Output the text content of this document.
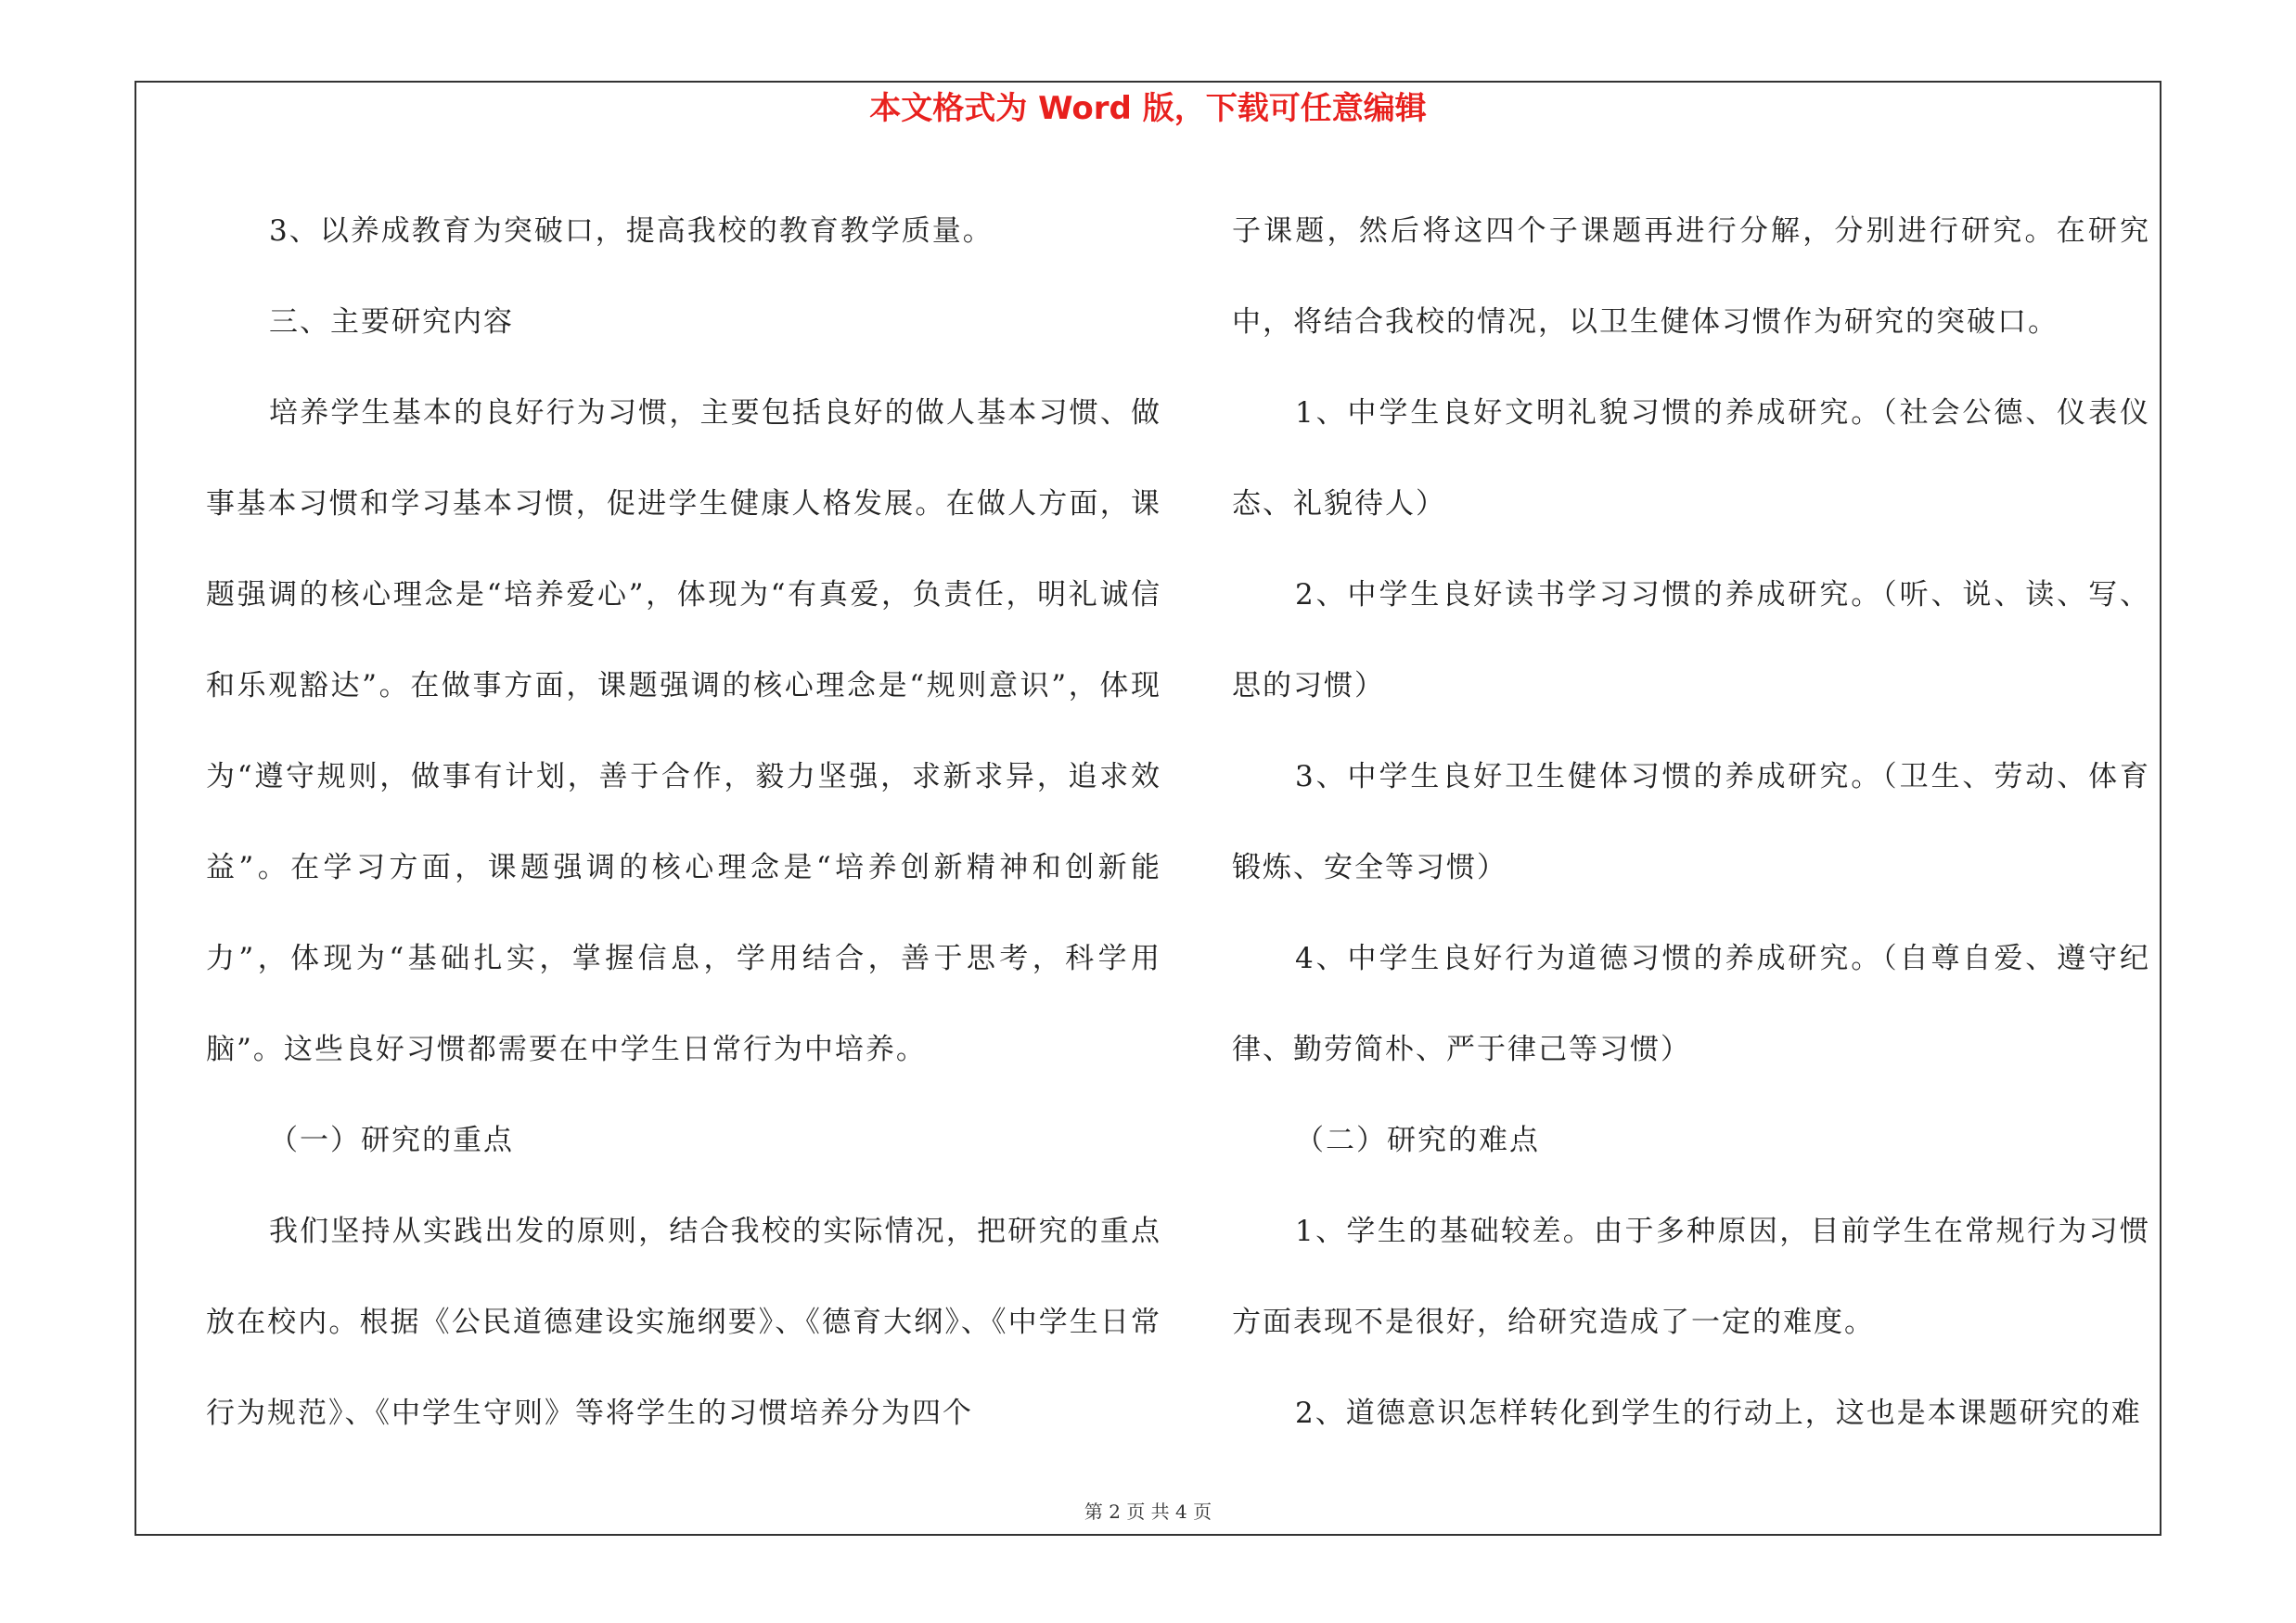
本文格式为 Word 版，下载可任意编辑

3、以养成教育为突破口，提高我校的教育教学质量。

三、主要研究内容

培养学生基本的良好行为习惯，主要包括良好的做人基本习惯、做事基本习惯和学习基本习惯，促进学生健康人格发展。在做人方面，课题强调的核心理念是“培养爱心”，体现为“有真爱，负责任，明礼诚信和乐观豁达”。在做事方面，课题强调的核心理念是“规则意识”，体现为“遵守规则，做事有计划，善于合作，毅力坚强，求新求异，追求效益”。在学习方面，课题强调的核心理念是“培养创新精神和创新能力”，体现为“基础扎实，掌握信息，学用结合，善于思考，科学用脑”。这些良好习惯都需要在中学生日常行为中培养。

（一）研究的重点

我们坚持从实践出发的原则，结合我校的实际情况，把研究的重点放在校内。根据《公民道德建设实施纲要》、《德育大纲》、《中学生日常行为规范》、《中学生守则》等将学生的习惯培养分为四个

子课题，然后将这四个子课题再进行分解，分别进行研究。在研究中，将结合我校的情况，以卫生健体习惯作为研究的突破口。

1、中学生良好文明礼貌习惯的养成研究。（社会公德、仪表仪态、礼貌待人）

2、中学生良好读书学习习惯的养成研究。（听、说、读、写、思的习惯）

3、中学生良好卫生健体习惯的养成研究。（卫生、劳动、体育锻炼、安全等习惯）

4、中学生良好行为道德习惯的养成研究。（自尊自爱、遵守纪律、勤劳简朴、严于律己等习惯）

（二）研究的难点

1、学生的基础较差。由于多种原因，目前学生在常规行为习惯方面表现不是很好，给研究造成了一定的难度。

2、道德意识怎样转化到学生的行动上，这也是本课题研究的难

第 2 页 共 4 页
